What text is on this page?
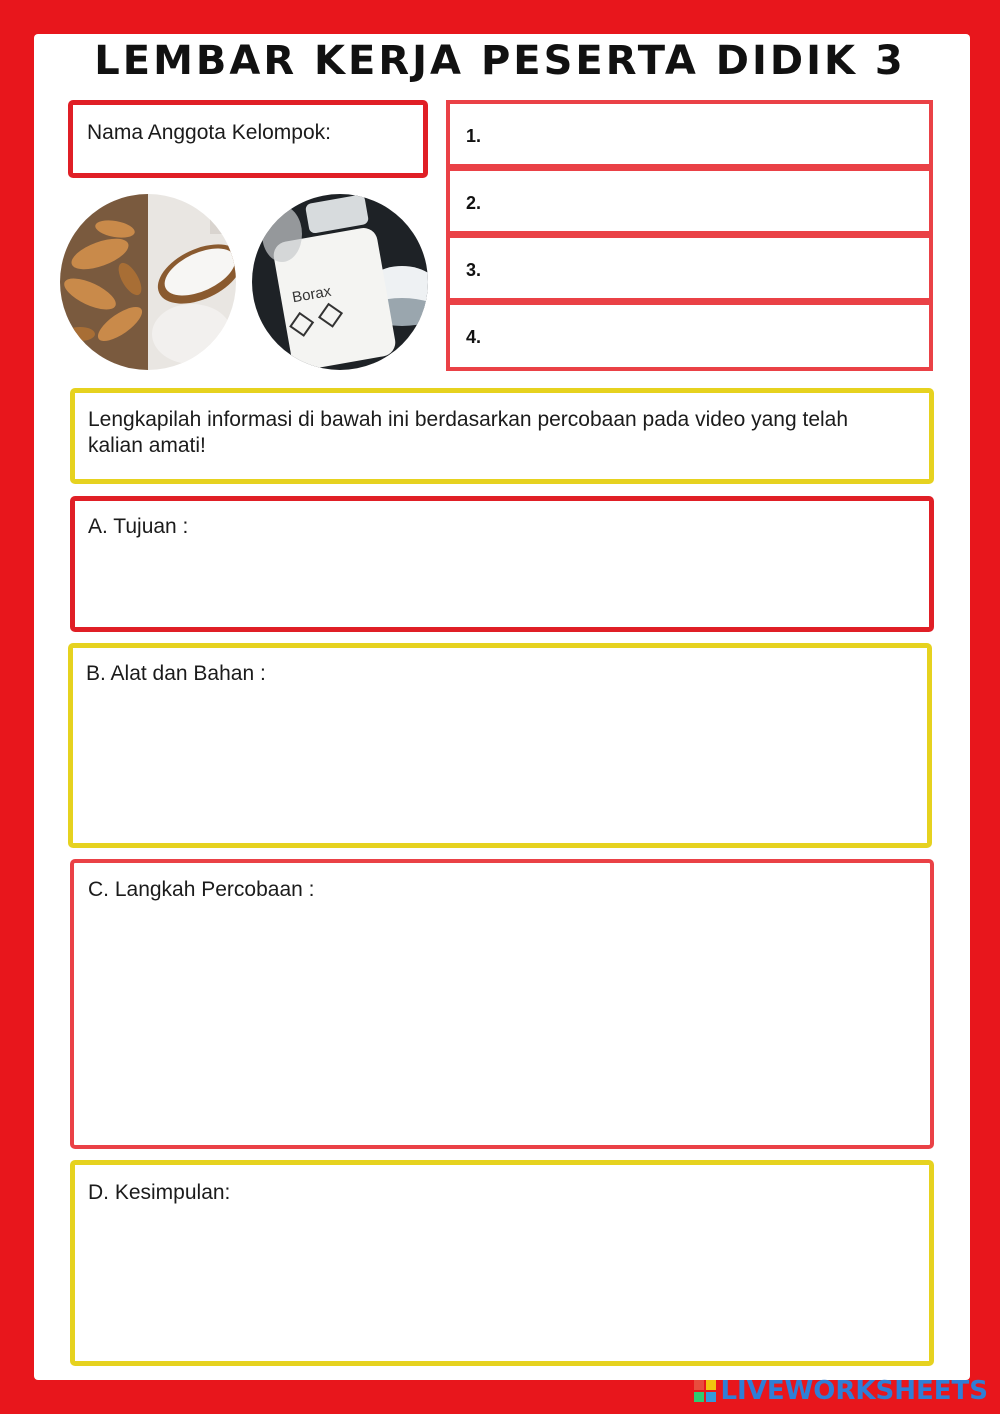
LEMBAR KERJA PESERTA DIDIK 3
Nama Anggota Kelompok:	1.
2.
3.
4.
Borax
Lengkapilah informasi di bawah ini berdasarkan percobaan pada video yang telah kalian amati!
A. Tujuan :
B. Alat dan Bahan :
C. Langkah Percobaan :
D. Kesimpulan:
LIVEWORKSHEETS
